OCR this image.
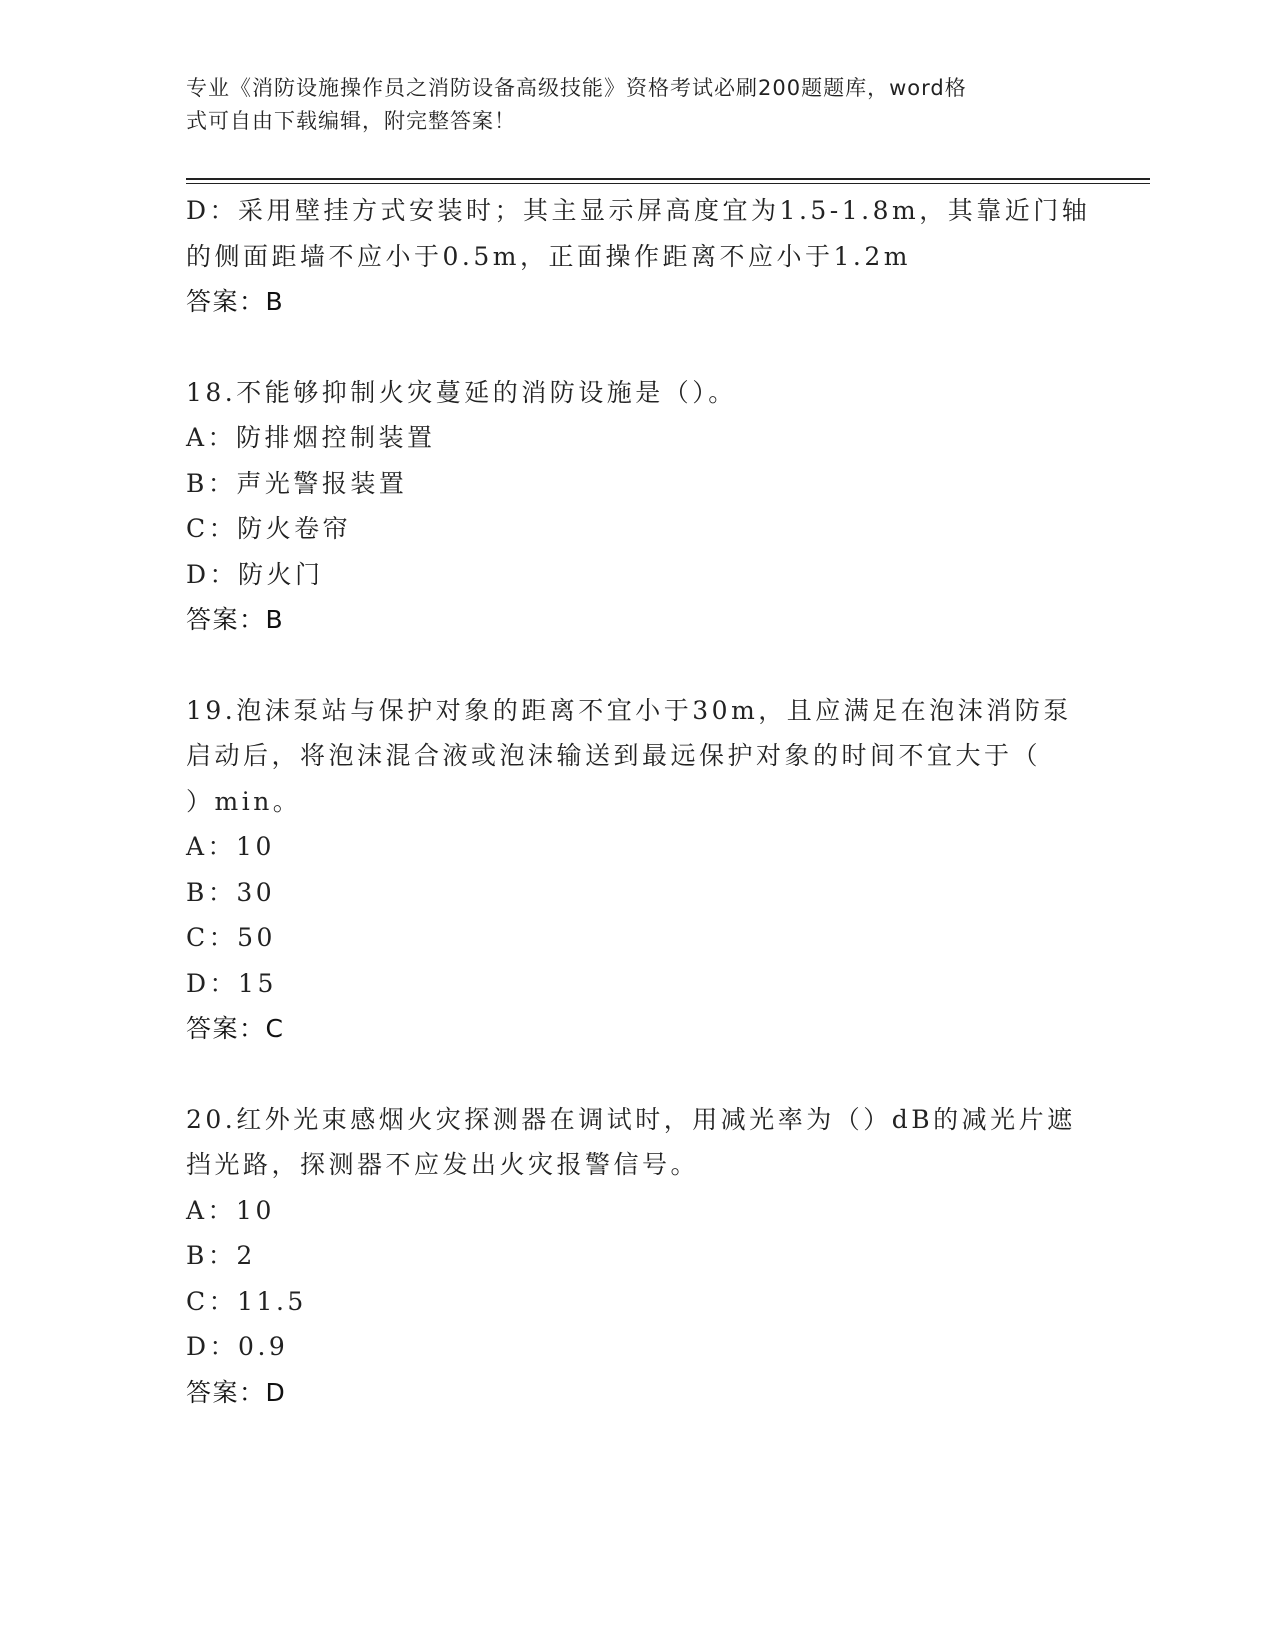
专业《消防设施操作员之消防设备高级技能》资格考试必刷200题题库，word格
式可自由下载编辑，附完整答案！
D：采用壁挂方式安装时；其主显示屏高度宜为1.5-1.8m，其靠近门轴
的侧面距墙不应小于0.5m，正面操作距离不应小于1.2m
答案：B
18.不能够抑制火灾蔓延的消防设施是（）。
A：防排烟控制装置
B：声光警报装置
C：防火卷帘
D：防火门
答案：B
19.泡沫泵站与保护对象的距离不宜小于30m，且应满足在泡沫消防泵
启动后，将泡沫混合液或泡沫输送到最远保护对象的时间不宜大于（
）min。
A：10
B：30
C：50
D：15
答案：C
20.红外光束感烟火灾探测器在调试时，用减光率为（）dB的减光片遮
挡光路，探测器不应发出火灾报警信号。
A：10
B：2
C：11.5
D：0.9
答案：D
